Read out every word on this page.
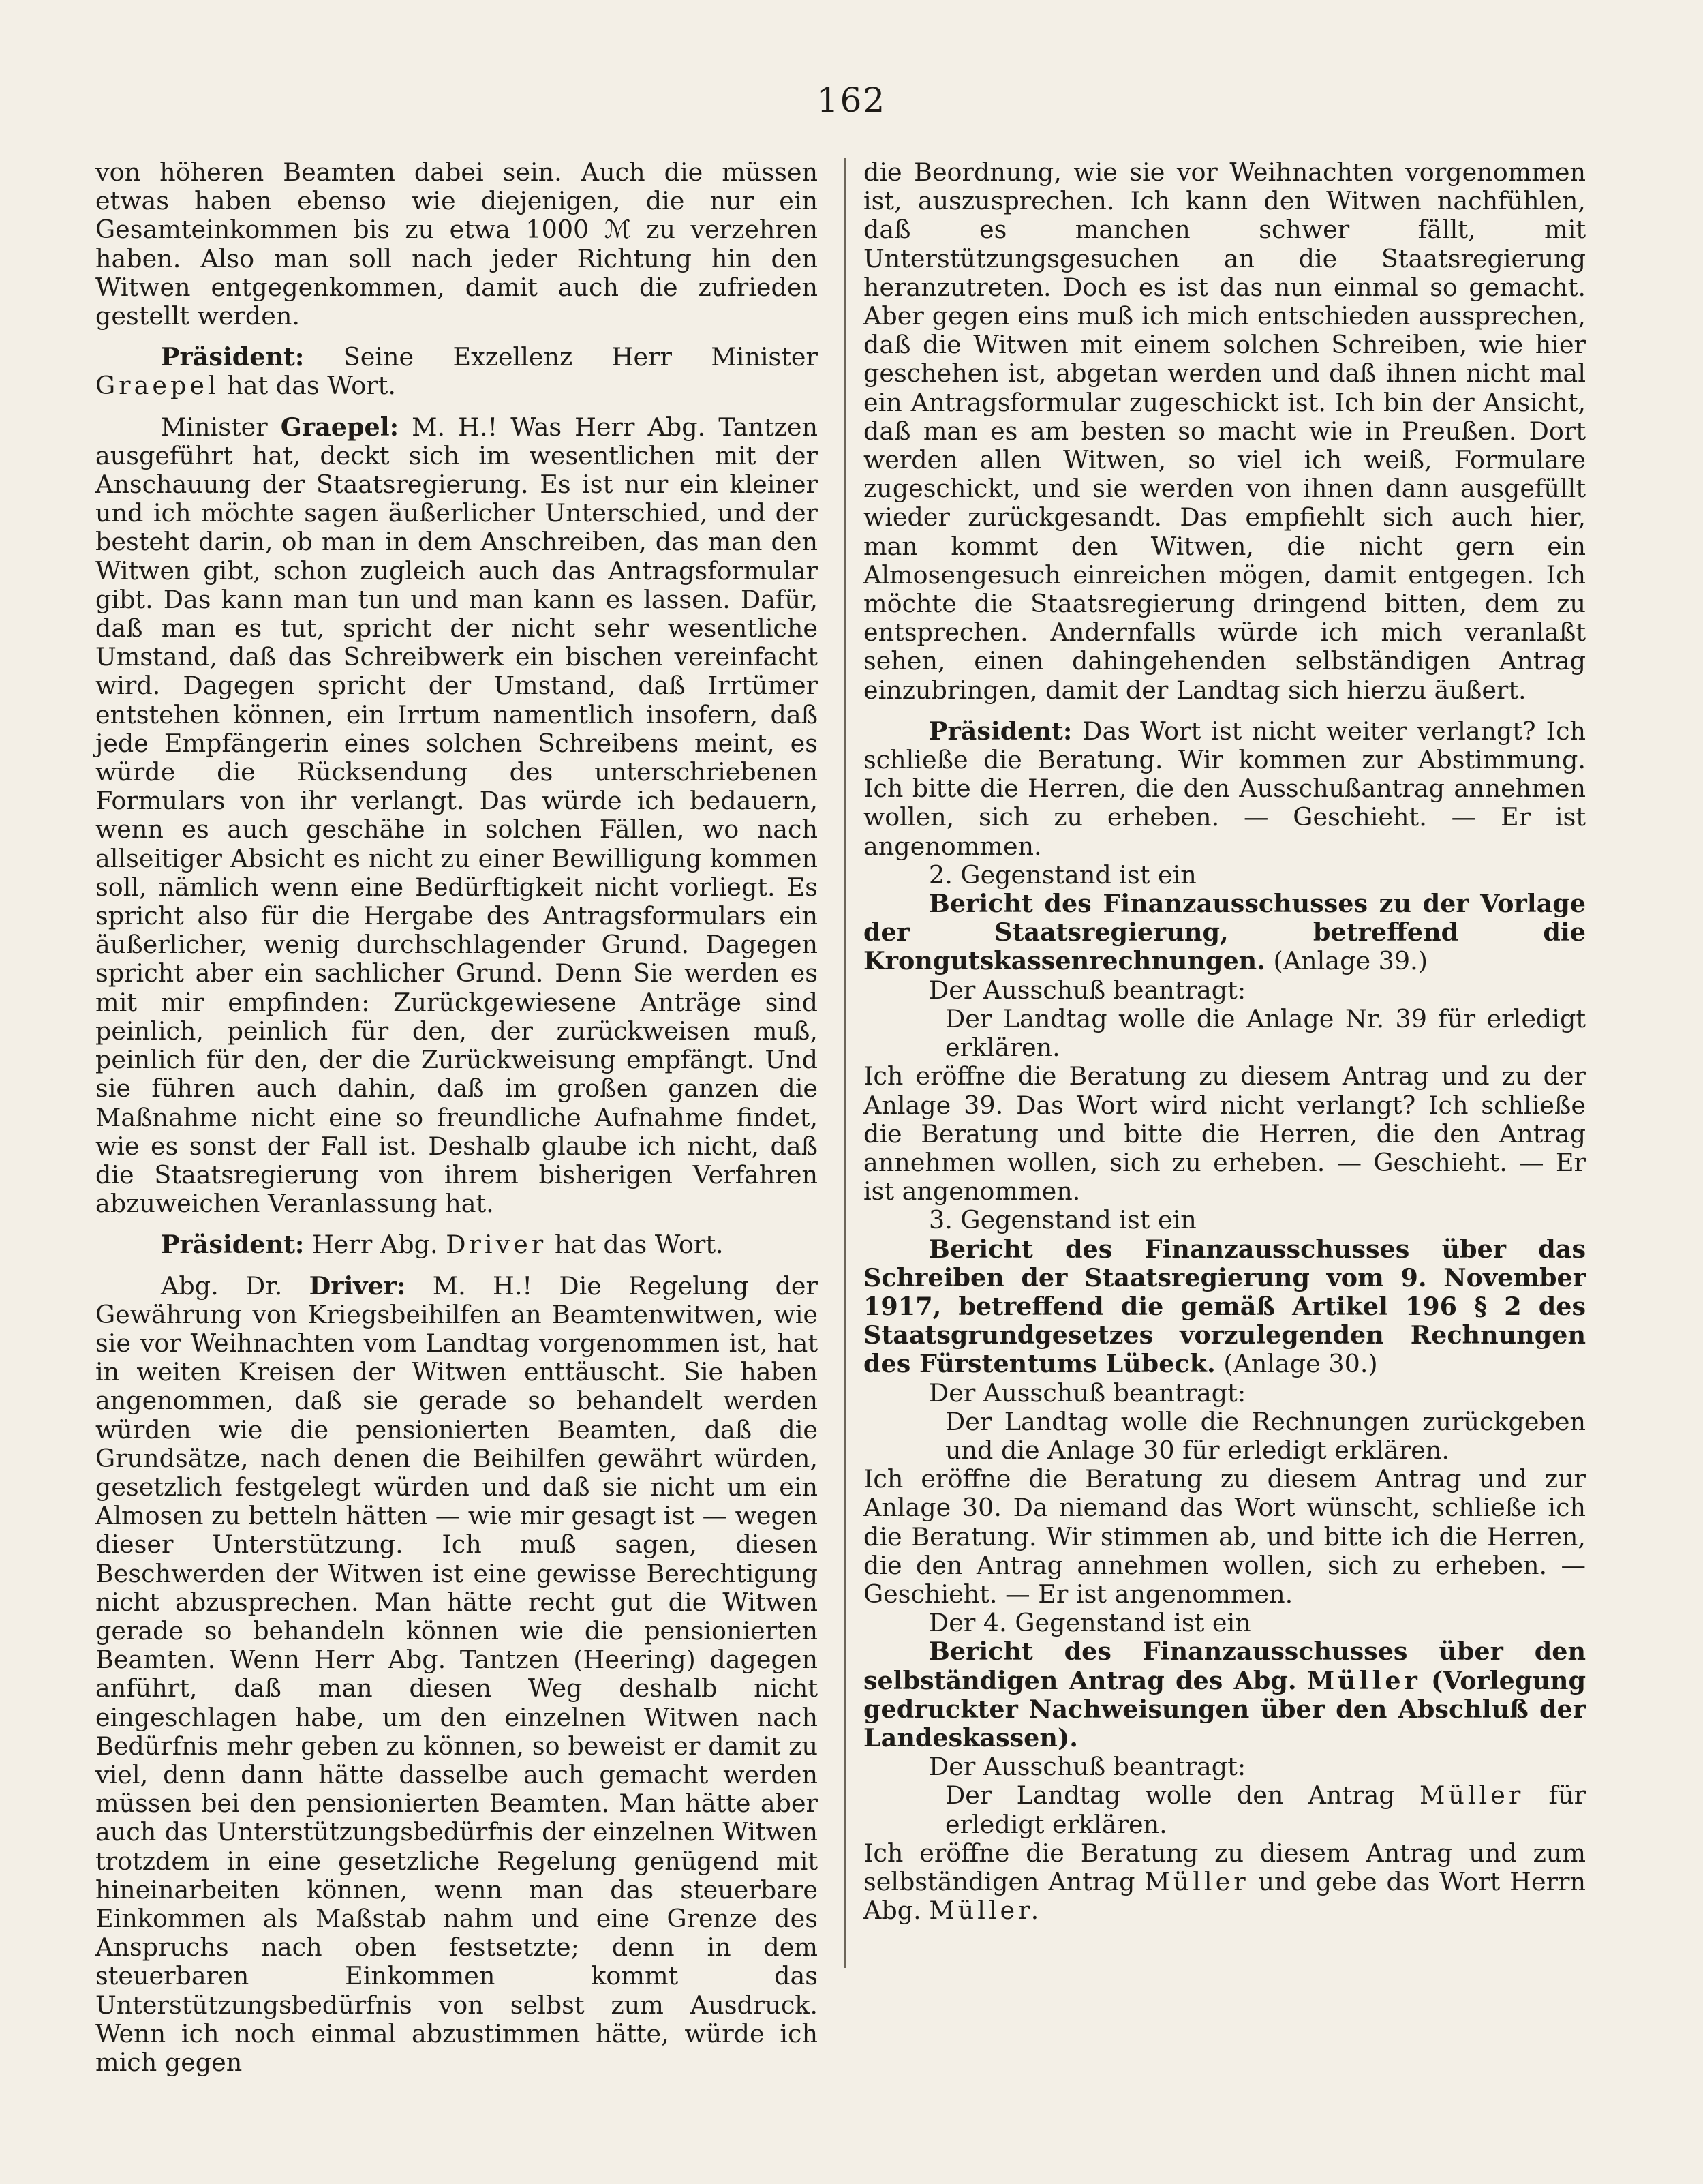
162

von höheren Beamten dabei sein. Auch die müssen etwas haben ebenso wie diejenigen, die nur ein Gesamteinkommen bis zu etwa 1000 ℳ zu verzehren haben. Also man soll nach jeder Richtung hin den Witwen entgegenkommen, damit auch die zufrieden gestellt werden.

Präsident: Seine Exzellenz Herr Minister Graepel hat das Wort.

Minister Graepel: M. H.! Was Herr Abg. Tantzen ausgeführt hat, deckt sich im wesentlichen mit der Anschauung der Staatsregierung. Es ist nur ein kleiner und ich möchte sagen äußerlicher Unterschied, und der besteht darin, ob man in dem Anschreiben, das man den Witwen gibt, schon zugleich auch das Antragsformular gibt. Das kann man tun und man kann es lassen. Dafür, daß man es tut, spricht der nicht sehr wesentliche Umstand, daß das Schreibwerk ein bischen vereinfacht wird. Dagegen spricht der Umstand, daß Irrtümer entstehen können, ein Irrtum namentlich insofern, daß jede Empfängerin eines solchen Schreibens meint, es würde die Rücksendung des unterschriebenen Formulars von ihr verlangt. Das würde ich bedauern, wenn es auch geschähe in solchen Fällen, wo nach allseitiger Absicht es nicht zu einer Bewilligung kommen soll, nämlich wenn eine Bedürftigkeit nicht vorliegt. Es spricht also für die Hergabe des Antragsformulars ein äußerlicher, wenig durchschlagender Grund. Dagegen spricht aber ein sachlicher Grund. Denn Sie werden es mit mir empfinden: Zurückgewiesene Anträge sind peinlich, peinlich für den, der zurückweisen muß, peinlich für den, der die Zurückweisung empfängt. Und sie führen auch dahin, daß im großen ganzen die Maßnahme nicht eine so freundliche Aufnahme findet, wie es sonst der Fall ist. Deshalb glaube ich nicht, daß die Staatsregierung von ihrem bisherigen Verfahren abzuweichen Veranlassung hat.

Präsident: Herr Abg. Driver hat das Wort.

Abg. Dr. Driver: M. H.! Die Regelung der Gewährung von Kriegsbeihilfen an Beamtenwitwen, wie sie vor Weihnachten vom Landtag vorgenommen ist, hat in weiten Kreisen der Witwen enttäuscht. Sie haben angenommen, daß sie gerade so behandelt werden würden wie die pensionierten Beamten, daß die Grundsätze, nach denen die Beihilfen gewährt würden, gesetzlich festgelegt würden und daß sie nicht um ein Almosen zu betteln hätten — wie mir gesagt ist — wegen dieser Unterstützung. Ich muß sagen, diesen Beschwerden der Witwen ist eine gewisse Berechtigung nicht abzusprechen. Man hätte recht gut die Witwen gerade so behandeln können wie die pensionierten Beamten. Wenn Herr Abg. Tantzen (Heering) dagegen anführt, daß man diesen Weg deshalb nicht eingeschlagen habe, um den einzelnen Witwen nach Bedürfnis mehr geben zu können, so beweist er damit zu viel, denn dann hätte dasselbe auch gemacht werden müssen bei den pensionierten Beamten. Man hätte aber auch das Unterstützungsbedürfnis der einzelnen Witwen trotzdem in eine gesetzliche Regelung genügend mit hineinarbeiten können, wenn man das steuerbare Einkommen als Maßstab nahm und eine Grenze des Anspruchs nach oben festsetzte; denn in dem steuerbaren Einkommen kommt das Unterstützungsbedürfnis von selbst zum Ausdruck. Wenn ich noch einmal abzustimmen hätte, würde ich mich gegen

die Beordnung, wie sie vor Weihnachten vorgenommen ist, auszusprechen. Ich kann den Witwen nachfühlen, daß es manchen schwer fällt, mit Unterstützungsgesuchen an die Staatsregierung heranzutreten. Doch es ist das nun einmal so gemacht. Aber gegen eins muß ich mich entschieden aussprechen, daß die Witwen mit einem solchen Schreiben, wie hier geschehen ist, abgetan werden und daß ihnen nicht mal ein Antragsformular zugeschickt ist. Ich bin der Ansicht, daß man es am besten so macht wie in Preußen. Dort werden allen Witwen, so viel ich weiß, Formulare zugeschickt, und sie werden von ihnen dann ausgefüllt wieder zurückgesandt. Das empfiehlt sich auch hier, man kommt den Witwen, die nicht gern ein Almosengesuch einreichen mögen, damit entgegen. Ich möchte die Staatsregierung dringend bitten, dem zu entsprechen. Andernfalls würde ich mich veranlaßt sehen, einen dahingehenden selbständigen Antrag einzubringen, damit der Landtag sich hierzu äußert.

Präsident: Das Wort ist nicht weiter verlangt? Ich schließe die Beratung. Wir kommen zur Abstimmung. Ich bitte die Herren, die den Ausschußantrag annehmen wollen, sich zu erheben. — Geschieht. — Er ist angenommen.

2. Gegenstand ist ein

Bericht des Finanzausschusses zu der Vorlage der Staatsregierung, betreffend die Krongutskassenrechnungen. (Anlage 39.)

Der Ausschuß beantragt:

Der Landtag wolle die Anlage Nr. 39 für erledigt erklären.

Ich eröffne die Beratung zu diesem Antrag und zu der Anlage 39. Das Wort wird nicht verlangt? Ich schließe die Beratung und bitte die Herren, die den Antrag annehmen wollen, sich zu erheben. — Geschieht. — Er ist angenommen.

3. Gegenstand ist ein

Bericht des Finanzausschusses über das Schreiben der Staatsregierung vom 9. November 1917, betreffend die gemäß Artikel 196 § 2 des Staatsgrundgesetzes vorzulegenden Rechnungen des Fürstentums Lübeck. (Anlage 30.)

Der Ausschuß beantragt:

Der Landtag wolle die Rechnungen zurückgeben und die Anlage 30 für erledigt erklären.

Ich eröffne die Beratung zu diesem Antrag und zur Anlage 30. Da niemand das Wort wünscht, schließe ich die Beratung. Wir stimmen ab, und bitte ich die Herren, die den Antrag annehmen wollen, sich zu erheben. — Geschieht. — Er ist angenommen.

Der 4. Gegenstand ist ein

Bericht des Finanzausschusses über den selbständigen Antrag des Abg. Müller (Vorlegung gedruckter Nachweisungen über den Abschluß der Landeskassen).

Der Ausschuß beantragt:

Der Landtag wolle den Antrag Müller für erledigt erklären.

Ich eröffne die Beratung zu diesem Antrag und zum selbständigen Antrag Müller und gebe das Wort Herrn Abg. Müller.
